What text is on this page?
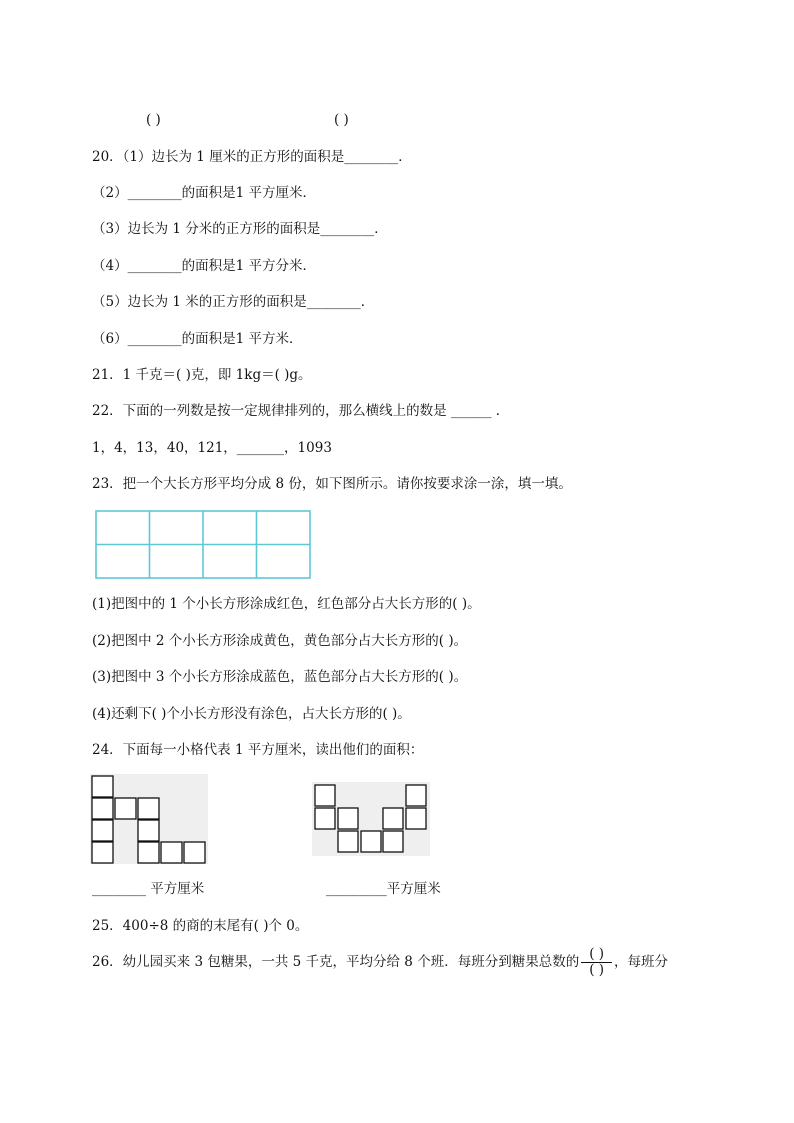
( )	( )
20．（1）边长为 1 厘米的正方形的面积是________．
（2）________的面积是1 平方厘米．
（3）边长为 1 分米的正方形的面积是________．
（4）________的面积是1 平方分米．
（5）边长为 1 米的正方形的面积是________．
（6）________的面积是1 平方米．
21．1 千克＝( )克，即 1kg＝( )g。
22．下面的一列数是按一定规律排列的，那么横线上的数是 ______ ．
1，4，13，40，121，_______，1093
23．把一个大长方形平均分成 8 份，如下图所示。请你按要求涂一涂，填一填。
(1)把图中的 1 个小长方形涂成红色，红色部分占大长方形的( )。
(2)把图中 2 个小长方形涂成黄色，黄色部分占大长方形的( )。
(3)把图中 3 个小长方形涂成蓝色，蓝色部分占大长方形的( )。
(4)还剩下( )个小长方形没有涂色，占大长方形的( )。
24．下面每一小格代表 1 平方厘米，读出他们的面积：
________ 平方厘米	_________平方厘米
25．400÷8 的商的末尾有( )个 0。
26．幼儿园买来 3 包糖果，一共 5 千克，平均分给 8 个班．每班分到糖果总数的 $\frac{( )}{( )}$ ，每班分
